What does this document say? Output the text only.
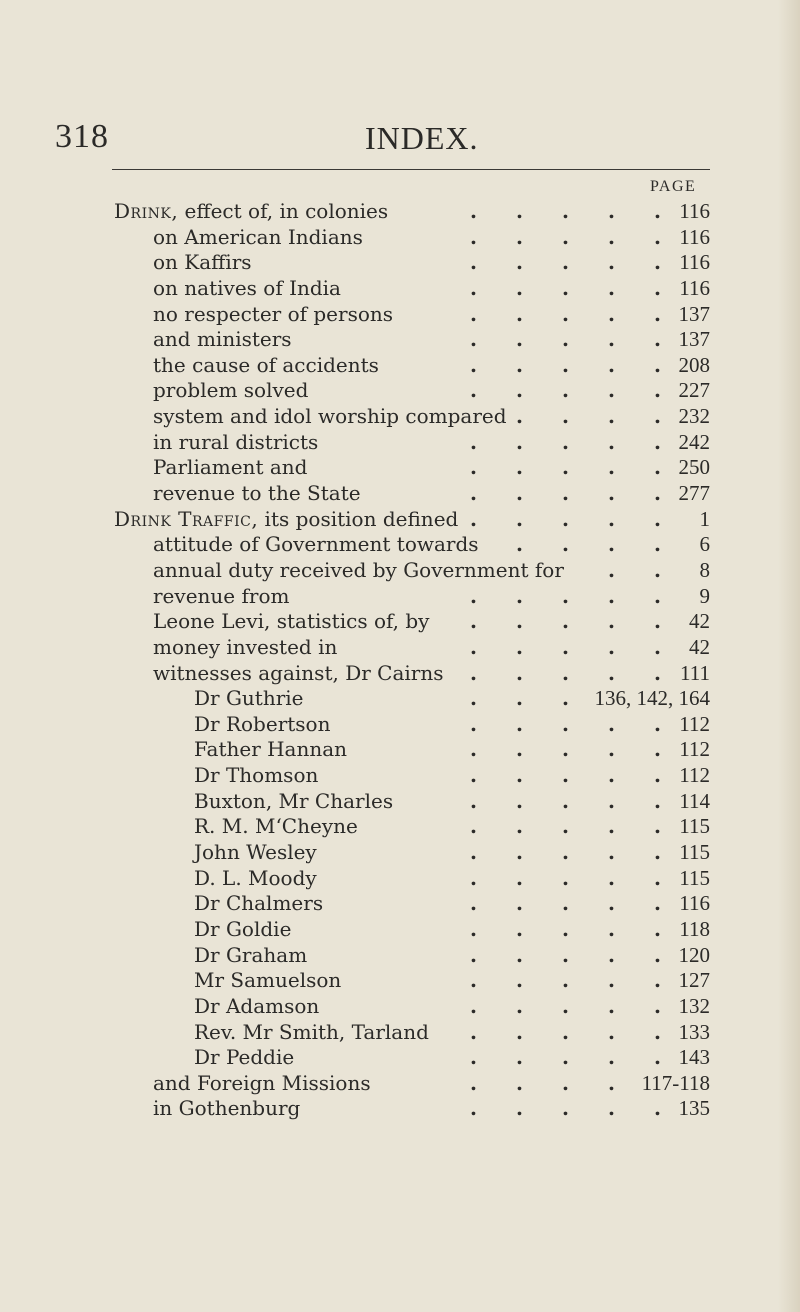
318	INDEX.
PAGE
Drink, effect of, in colonies	. . . . . 116
on American Indians	. . . . . 116
on Kaffirs	. . . . . 116
on natives of India	. . . . . 116
no respecter of persons	. . . . . 137
and ministers	. . . . . 137
the cause of accidents	. . . . . 208
problem solved	. . . . . 227
system and idol worship compared . . . . 232
in rural districts	. . . . . 242
Parliament and	. . . . . 250
revenue to the State	. . . . . 277
Drink Traffic, its position defined . . . . . 1
attitude of Government towards . . . . 6
annual duty received by Government for . . 8
revenue from	. . . . . 9
Leone Levi, statistics of, by . . . . . 42
money invested in	. . . . . 42
witnesses against, Dr Cairns . . . . . 111
Dr Guthrie	. . . 136, 142, 164
Dr Robertson	. . . . . 112
Father Hannan	. . . . . 112
Dr Thomson	. . . . . 112
Buxton, Mr Charles	. . . . . 114
R. M. M‘Cheyne	. . . . . 115
John Wesley	. . . . . 115
D. L. Moody	. . . . . 115
Dr Chalmers	. . . . . 116
Dr Goldie	. . . . . 118
Dr Graham	. . . . . 120
Mr Samuelson	. . . . . 127
Dr Adamson	. . . . . 132
Rev. Mr Smith, Tarland . . . . . 133
Dr Peddie	. . . . . 143
and Foreign Missions	. . . . 117-118
in Gothenburg	. . . . . 135
